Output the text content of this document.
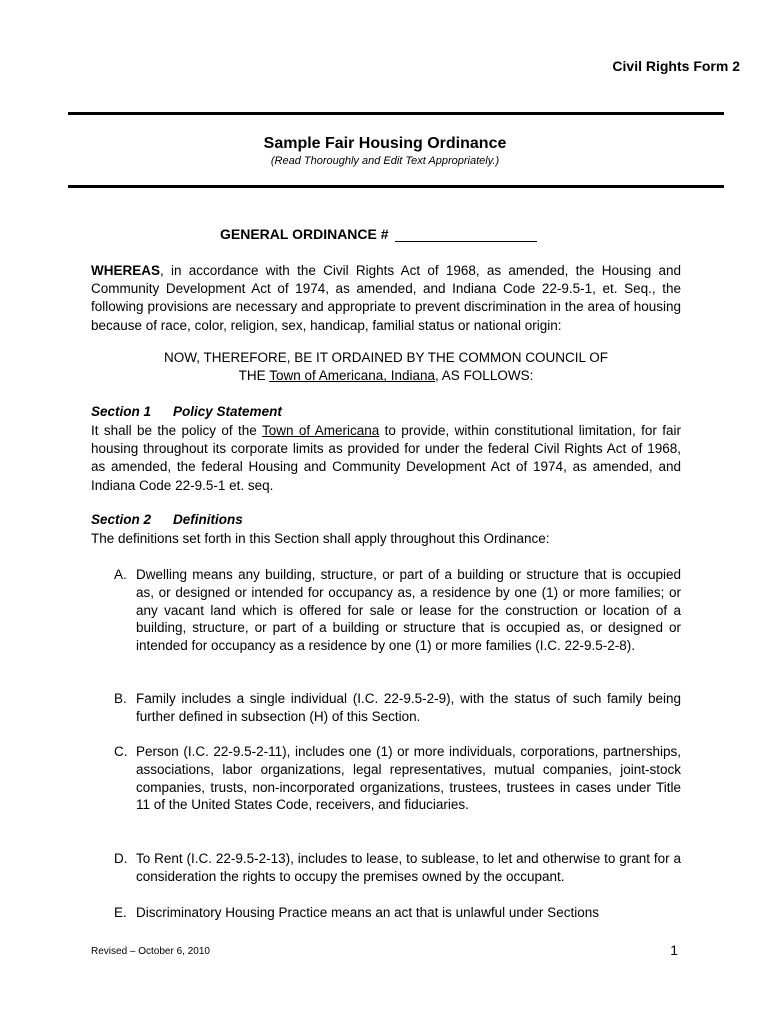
Civil Rights Form 2
Sample Fair Housing Ordinance
(Read Thoroughly and Edit Text Appropriately.)
GENERAL ORDINANCE #
WHEREAS, in accordance with the Civil Rights Act of 1968, as amended, the Housing and Community Development Act of 1974, as amended, and Indiana Code 22-9.5-1, et. Seq., the following provisions are necessary and appropriate to prevent discrimination in the area of housing because of race, color, religion, sex, handicap, familial status or national origin:
NOW, THEREFORE, BE IT ORDAINED BY THE COMMON COUNCIL OF
THE Town of Americana, Indiana, AS FOLLOWS:
Section 1 Policy Statement
It shall be the policy of the Town of Americana to provide, within constitutional limitation, for fair housing throughout its corporate limits as provided for under the federal Civil Rights Act of 1968, as amended, the federal Housing and Community Development Act of 1974, as amended, and Indiana Code 22-9.5-1 et. seq.
Section 2 Definitions
The definitions set forth in this Section shall apply throughout this Ordinance:
A. Dwelling means any building, structure, or part of a building or structure that is occupied as, or designed or intended for occupancy as, a residence by one (1) or more families; or any vacant land which is offered for sale or lease for the construction or location of a building, structure, or part of a building or structure that is occupied as, or designed or intended for occupancy as a residence by one (1) or more families (I.C. 22-9.5-2-8).
B. Family includes a single individual (I.C. 22-9.5-2-9), with the status of such family being further defined in subsection (H) of this Section.
C. Person (I.C. 22-9.5-2-11), includes one (1) or more individuals, corporations, partnerships, associations, labor organizations, legal representatives, mutual companies, joint-stock companies, trusts, non-incorporated organizations, trustees, trustees in cases under Title 11 of the United States Code, receivers, and fiduciaries.
D. To Rent (I.C. 22-9.5-2-13), includes to lease, to sublease, to let and otherwise to grant for a consideration the rights to occupy the premises owned by the occupant.
E. Discriminatory Housing Practice means an act that is unlawful under Sections
Revised – October 6, 2010	1
